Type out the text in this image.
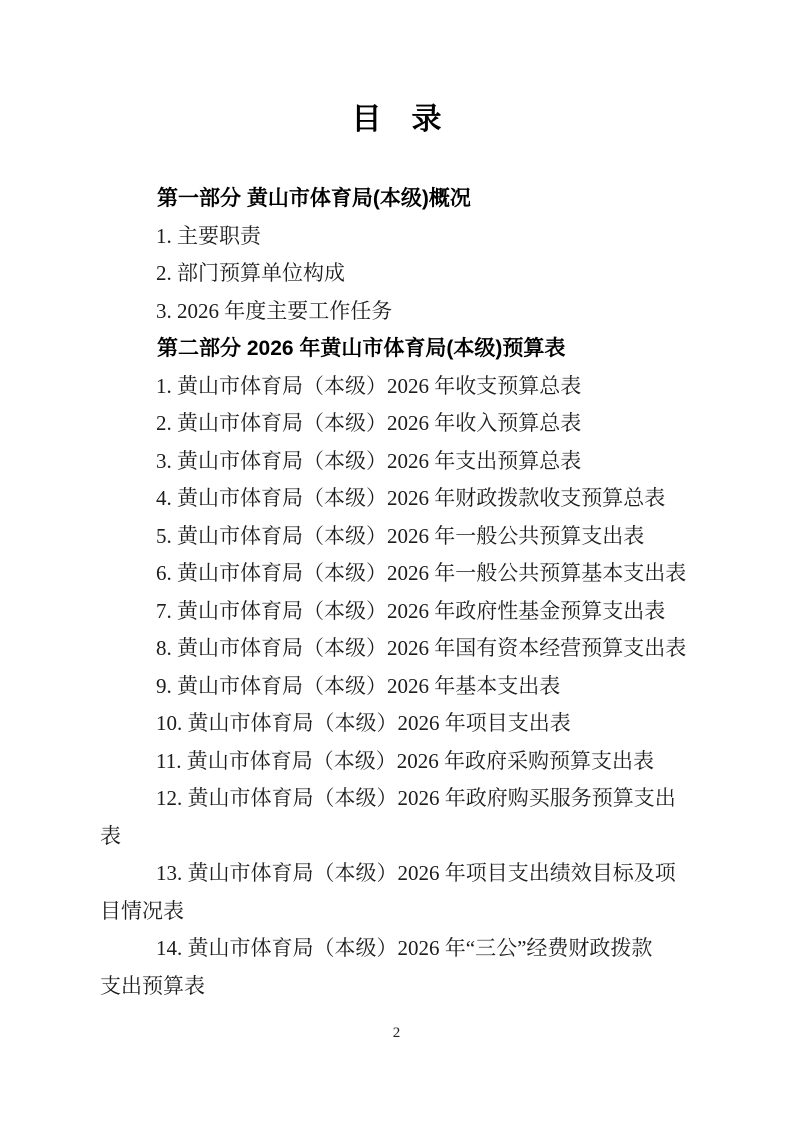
目　录
第一部分 黄山市体育局(本级)概况
1. 主要职责
2. 部门预算单位构成
3. 2026 年度主要工作任务
第二部分 2026 年黄山市体育局(本级)预算表
1. 黄山市体育局（本级）2026 年收支预算总表
2. 黄山市体育局（本级）2026 年收入预算总表
3. 黄山市体育局（本级）2026 年支出预算总表
4. 黄山市体育局（本级）2026 年财政拨款收支预算总表
5. 黄山市体育局（本级）2026 年一般公共预算支出表
6. 黄山市体育局（本级）2026 年一般公共预算基本支出表
7. 黄山市体育局（本级）2026 年政府性基金预算支出表
8. 黄山市体育局（本级）2026 年国有资本经营预算支出表
9. 黄山市体育局（本级）2026 年基本支出表
10. 黄山市体育局（本级）2026 年项目支出表
11. 黄山市体育局（本级）2026 年政府采购预算支出表
12. 黄山市体育局（本级）2026 年政府购买服务预算支出
表
13. 黄山市体育局（本级）2026 年项目支出绩效目标及项
目情况表
14. 黄山市体育局（本级）2026 年“三公”经费财政拨款
支出预算表
2
